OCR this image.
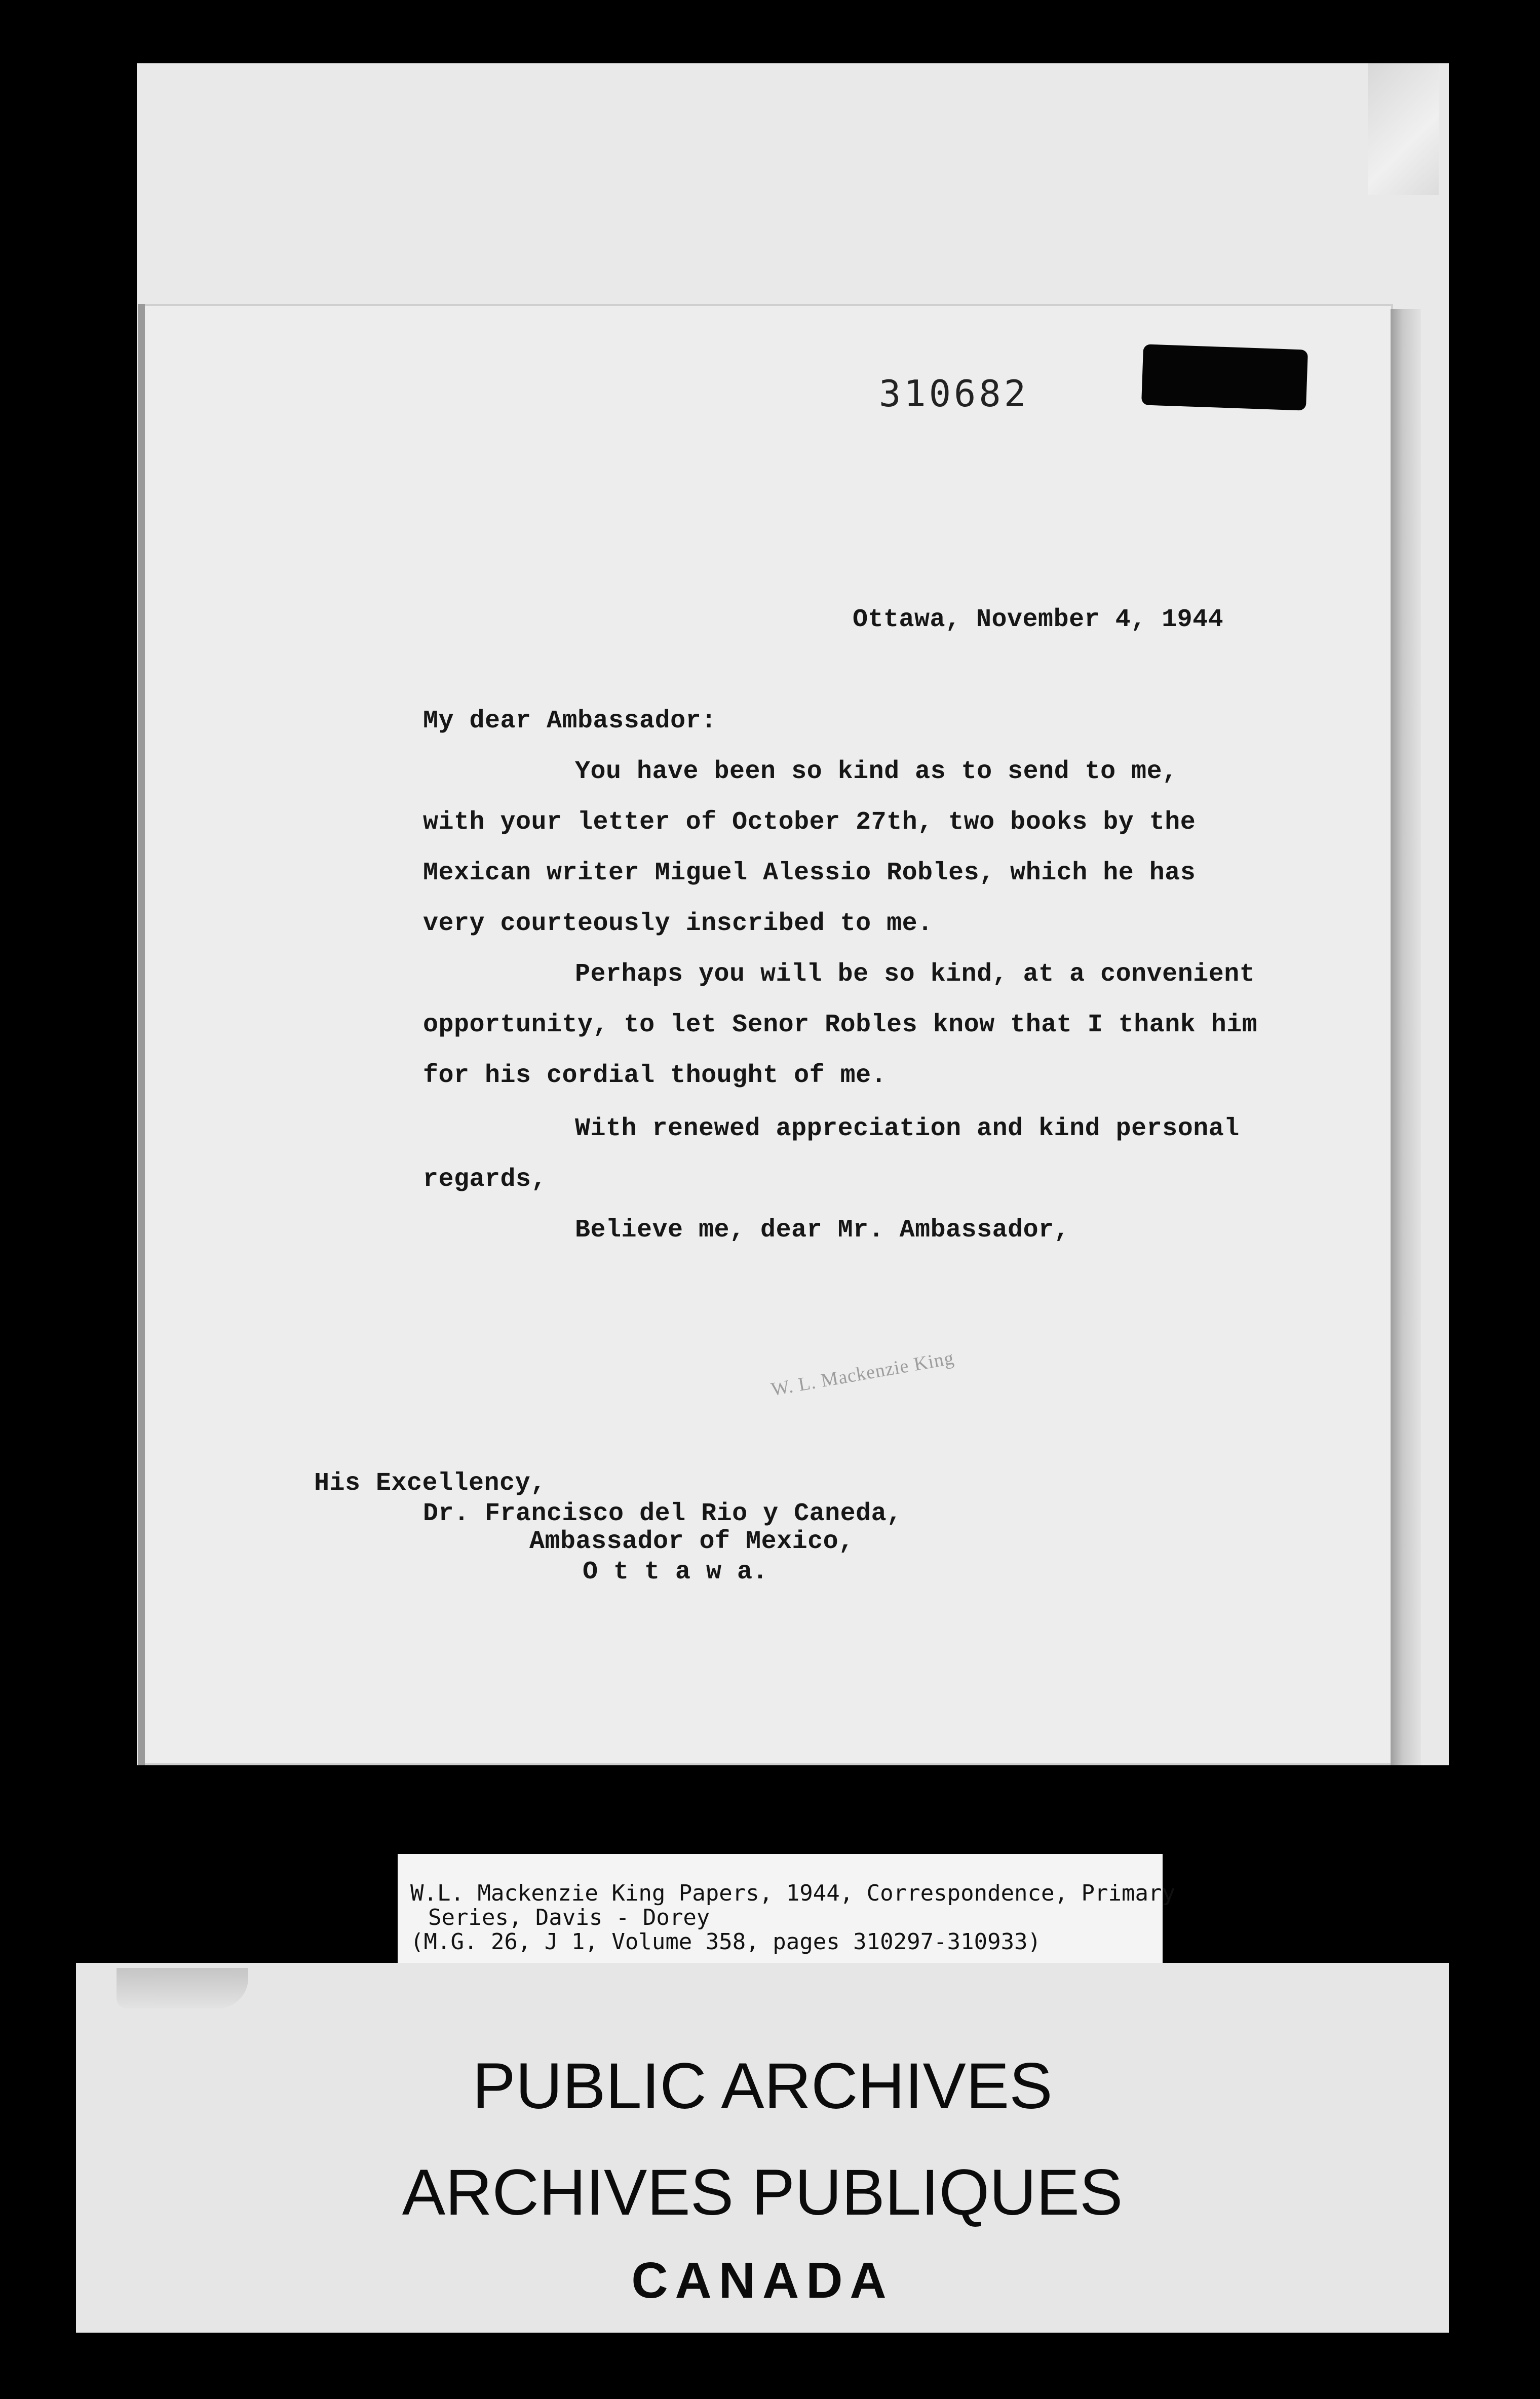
310682
Ottawa, November 4, 1944
My dear Ambassador:
You have been so kind as to send to me,
with your letter of October 27th, two books by the
Mexican writer Miguel Alessio Robles, which he has
very courteously inscribed to me.
Perhaps you will be so kind, at a convenient
opportunity, to let Senor Robles know that I thank him
for his cordial thought of me.
With renewed appreciation and kind personal
regards,
Believe me, dear Mr. Ambassador,
W. L. Mackenzie King
His Excellency,
Dr. Francisco del Rio y Caneda,
Ambassador of Mexico,
O t t a w a.
W.L. Mackenzie King Papers, 1944, Correspondence, Primary
Series, Davis - Dorey
(M.G. 26, J 1, Volume 358, pages 310297-310933)
PUBLIC ARCHIVES
ARCHIVES PUBLIQUES
CANADA
